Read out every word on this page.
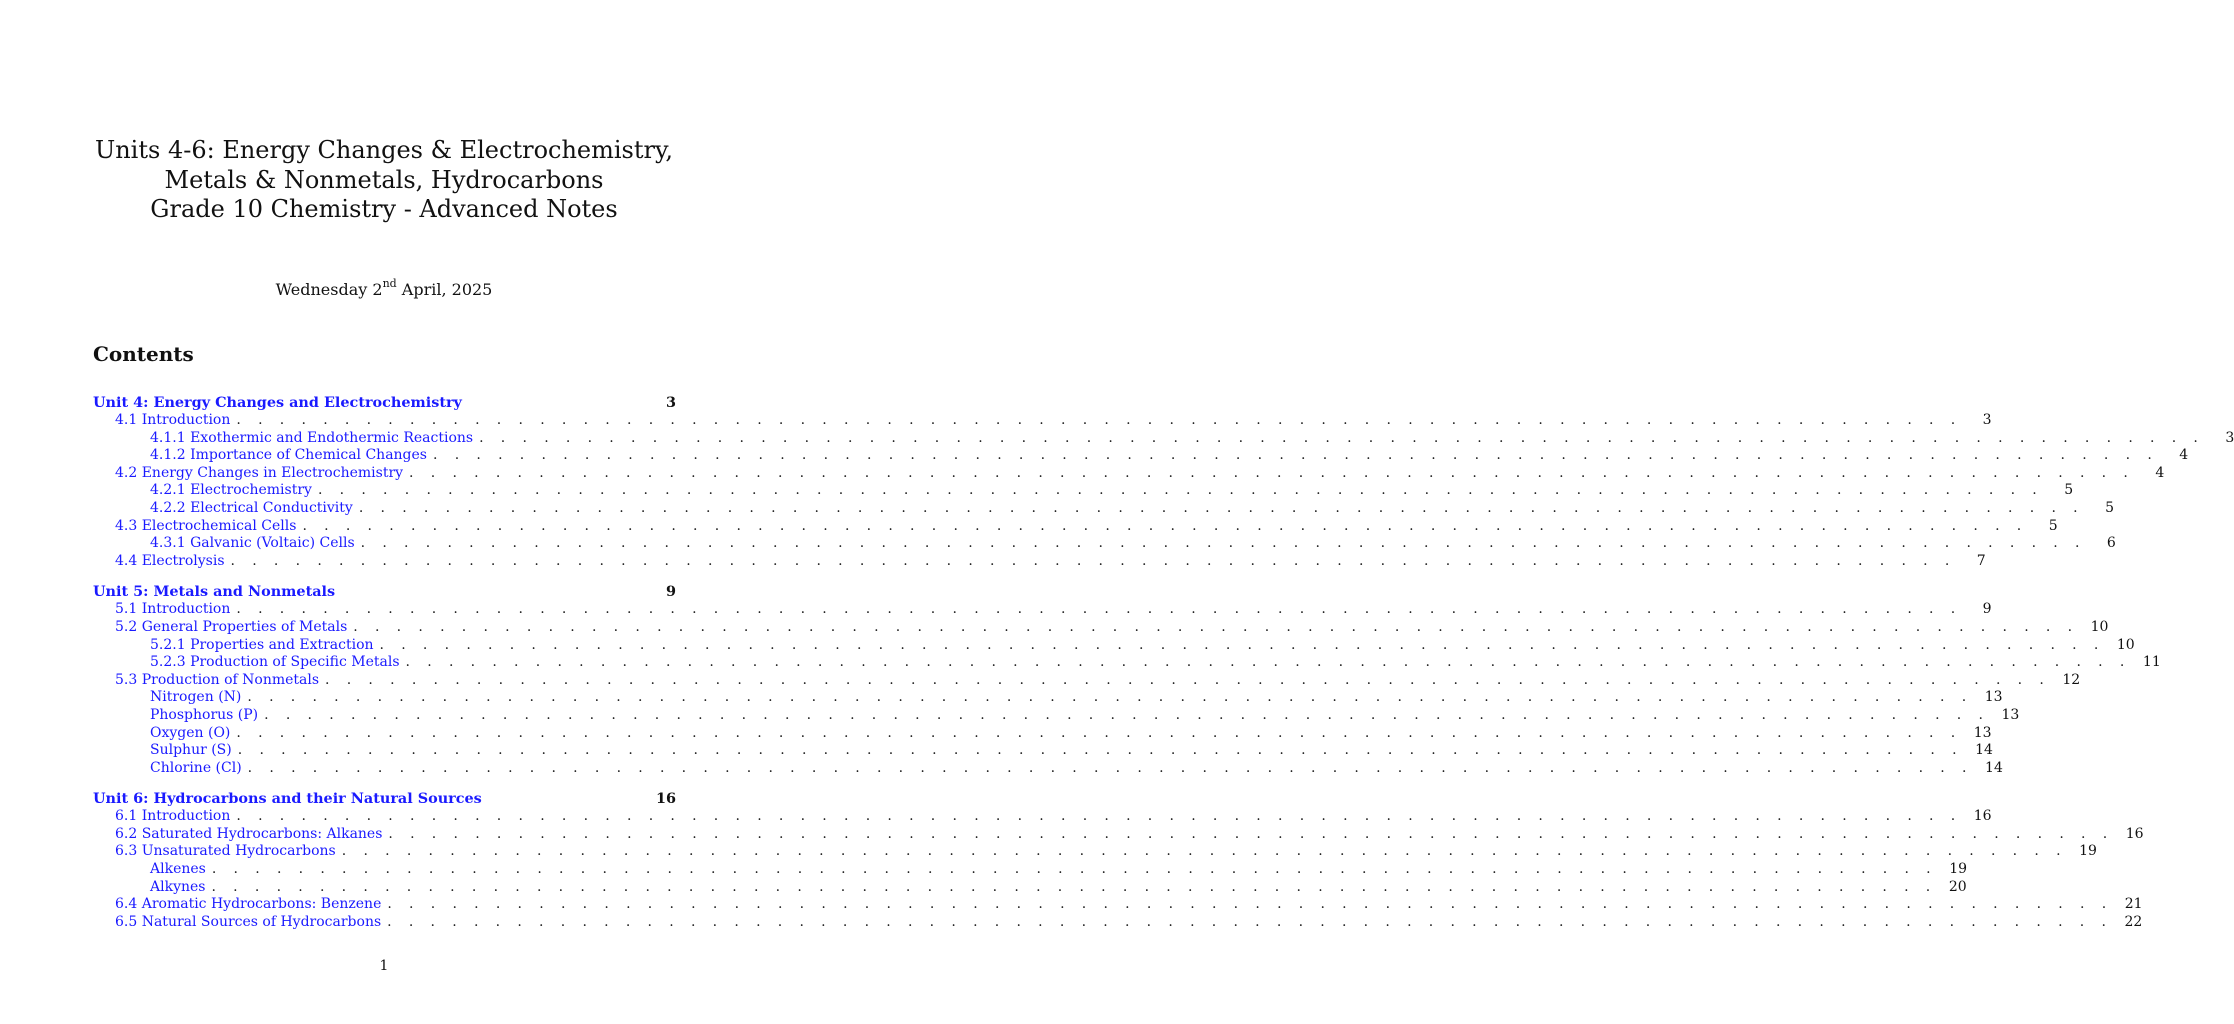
Units 4-6: Energy Changes & Electrochemistry,
Metals & Nonmetals, Hydrocarbons
Grade 10 Chemistry - Advanced Notes
Wednesday 2nd April, 2025
Contents
Unit 4: Energy Changes and Electrochemistry	3
4.1 Introduction . . . . . . . . . . . . . . . . . . . . . . . . . . . . . . . . . . . . . . . . . . . . . . . . . . . . . . . . . . . . . . . . . . . . . . . . . . . . . . . .	3
4.1.1 Exothermic and Endothermic Reactions . . . . . . . . . . . . . . . . . . . . . . . . . . . . . . . . . . . . . . . . . . . . . . . . . . . . . . . . . . . . . . . . . . . . . . . . . . . . . . . .	3
4.1.2 Importance of Chemical Changes . . . . . . . . . . . . . . . . . . . . . . . . . . . . . . . . . . . . . . . . . . . . . . . . . . . . . . . . . . . . . . . . . . . . . . . . . . . . . . . .	4
4.2 Energy Changes in Electrochemistry . . . . . . . . . . . . . . . . . . . . . . . . . . . . . . . . . . . . . . . . . . . . . . . . . . . . . . . . . . . . . . . . . . . . . . . . . . . . . . . .	4
4.2.1 Electrochemistry . . . . . . . . . . . . . . . . . . . . . . . . . . . . . . . . . . . . . . . . . . . . . . . . . . . . . . . . . . . . . . . . . . . . . . . . . . . . . . . .	5
4.2.2 Electrical Conductivity . . . . . . . . . . . . . . . . . . . . . . . . . . . . . . . . . . . . . . . . . . . . . . . . . . . . . . . . . . . . . . . . . . . . . . . . . . . . . . . .	5
4.3 Electrochemical Cells . . . . . . . . . . . . . . . . . . . . . . . . . . . . . . . . . . . . . . . . . . . . . . . . . . . . . . . . . . . . . . . . . . . . . . . . . . . . . . . .	5
4.3.1 Galvanic (Voltaic) Cells . . . . . . . . . . . . . . . . . . . . . . . . . . . . . . . . . . . . . . . . . . . . . . . . . . . . . . . . . . . . . . . . . . . . . . . . . . . . . . . .	6
4.4 Electrolysis . . . . . . . . . . . . . . . . . . . . . . . . . . . . . . . . . . . . . . . . . . . . . . . . . . . . . . . . . . . . . . . . . . . . . . . . . . . . . . . .	7
Unit 5: Metals and Nonmetals	9
5.1 Introduction . . . . . . . . . . . . . . . . . . . . . . . . . . . . . . . . . . . . . . . . . . . . . . . . . . . . . . . . . . . . . . . . . . . . . . . . . . . . . . . .	9
5.2 General Properties of Metals . . . . . . . . . . . . . . . . . . . . . . . . . . . . . . . . . . . . . . . . . . . . . . . . . . . . . . . . . . . . . . . . . . . . . . . . . . . . . . . . 10
5.2.1 Properties and Extraction . . . . . . . . . . . . . . . . . . . . . . . . . . . . . . . . . . . . . . . . . . . . . . . . . . . . . . . . . . . . . . . . . . . . . . . . . . . . . . . . 10
5.2.3 Production of Specific Metals . . . . . . . . . . . . . . . . . . . . . . . . . . . . . . . . . . . . . . . . . . . . . . . . . . . . . . . . . . . . . . . . . . . . . . . . . . . . . . . . 11
5.3 Production of Nonmetals . . . . . . . . . . . . . . . . . . . . . . . . . . . . . . . . . . . . . . . . . . . . . . . . . . . . . . . . . . . . . . . . . . . . . . . . . . . . . . . . 12
Nitrogen (N) . . . . . . . . . . . . . . . . . . . . . . . . . . . . . . . . . . . . . . . . . . . . . . . . . . . . . . . . . . . . . . . . . . . . . . . . . . . . . . . . 13
Phosphorus (P) . . . . . . . . . . . . . . . . . . . . . . . . . . . . . . . . . . . . . . . . . . . . . . . . . . . . . . . . . . . . . . . . . . . . . . . . . . . . . . . . 13
Oxygen (O) . . . . . . . . . . . . . . . . . . . . . . . . . . . . . . . . . . . . . . . . . . . . . . . . . . . . . . . . . . . . . . . . . . . . . . . . . . . . . . . . 13
Sulphur (S) . . . . . . . . . . . . . . . . . . . . . . . . . . . . . . . . . . . . . . . . . . . . . . . . . . . . . . . . . . . . . . . . . . . . . . . . . . . . . . . . 14
Chlorine (Cl) . . . . . . . . . . . . . . . . . . . . . . . . . . . . . . . . . . . . . . . . . . . . . . . . . . . . . . . . . . . . . . . . . . . . . . . . . . . . . . . . 14
Unit 6: Hydrocarbons and their Natural Sources	16
6.1 Introduction . . . . . . . . . . . . . . . . . . . . . . . . . . . . . . . . . . . . . . . . . . . . . . . . . . . . . . . . . . . . . . . . . . . . . . . . . . . . . . . . 16
6.2 Saturated Hydrocarbons: Alkanes . . . . . . . . . . . . . . . . . . . . . . . . . . . . . . . . . . . . . . . . . . . . . . . . . . . . . . . . . . . . . . . . . . . . . . . . . . . . . . . . 16
6.3 Unsaturated Hydrocarbons . . . . . . . . . . . . . . . . . . . . . . . . . . . . . . . . . . . . . . . . . . . . . . . . . . . . . . . . . . . . . . . . . . . . . . . . . . . . . . . . 19
Alkenes . . . . . . . . . . . . . . . . . . . . . . . . . . . . . . . . . . . . . . . . . . . . . . . . . . . . . . . . . . . . . . . . . . . . . . . . . . . . . . . . 19
Alkynes . . . . . . . . . . . . . . . . . . . . . . . . . . . . . . . . . . . . . . . . . . . . . . . . . . . . . . . . . . . . . . . . . . . . . . . . . . . . . . . . 20
6.4 Aromatic Hydrocarbons: Benzene . . . . . . . . . . . . . . . . . . . . . . . . . . . . . . . . . . . . . . . . . . . . . . . . . . . . . . . . . . . . . . . . . . . . . . . . . . . . . . . . 21
6.5 Natural Sources of Hydrocarbons . . . . . . . . . . . . . . . . . . . . . . . . . . . . . . . . . . . . . . . . . . . . . . . . . . . . . . . . . . . . . . . . . . . . . . . . . . . . . . . . 22
1
